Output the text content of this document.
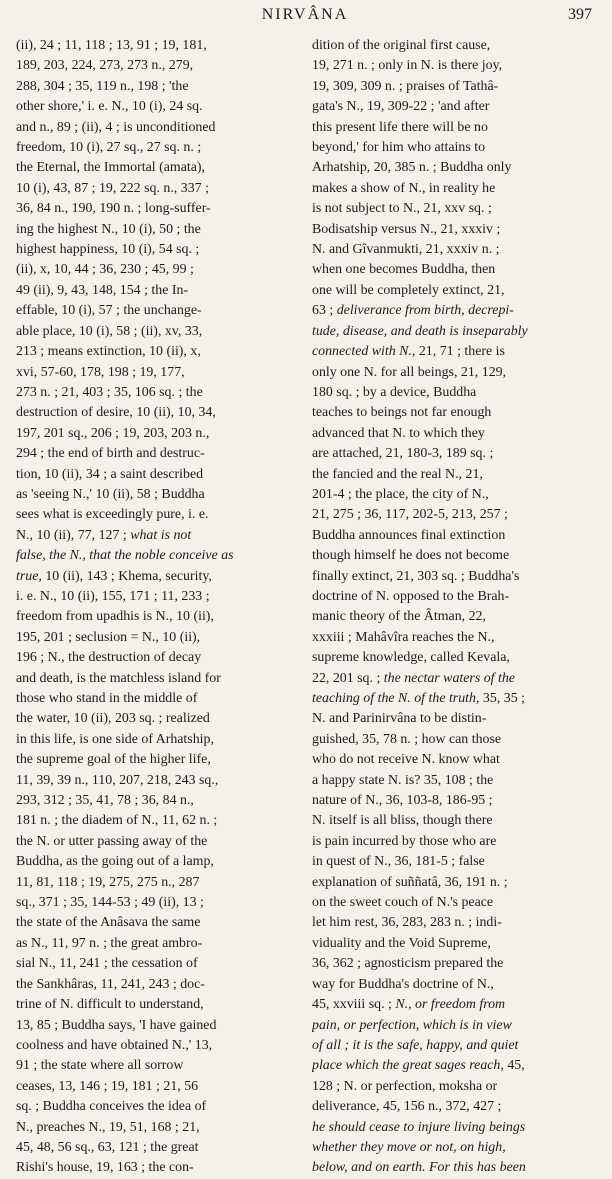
NIRVÂNA	397
(ii), 24 ; 11, 118 ; 13, 91 ; 19, 181,
189, 203, 224, 273, 273 n., 279,
288, 304 ; 35, 119 n., 198 ; 'the
other shore,' i. e. N., 10 (i), 24 sq.
and n., 89 ; (ii), 4 ; is unconditioned
freedom, 10 (i), 27 sq., 27 sq. n. ;
the Eternal, the Immortal (amata),
10 (i), 43, 87 ; 19, 222 sq. n., 337 ;
36, 84 n., 190, 190 n. ; long-suffer-
ing the highest N., 10 (i), 50 ; the
highest happiness, 10 (i), 54 sq. ;
(ii), x, 10, 44 ; 36, 230 ; 45, 99 ;
49 (ii), 9, 43, 148, 154 ; the In-
effable, 10 (i), 57 ; the unchange-
able place, 10 (i), 58 ; (ii), xv, 33,
213 ; means extinction, 10 (ii), x,
xvi, 57-60, 178, 198 ; 19, 177,
273 n. ; 21, 403 ; 35, 106 sq. ; the
destruction of desire, 10 (ii), 10, 34,
197, 201 sq., 206 ; 19, 203, 203 n.,
294 ; the end of birth and destruc-
tion, 10 (ii), 34 ; a saint described
as 'seeing N.,' 10 (ii), 58 ; Buddha
sees what is exceedingly pure, i. e.
N., 10 (ii), 77, 127 ; what is not
false, the N., that the noble conceive as
true, 10 (ii), 143 ; Khema, security,
i. e. N., 10 (ii), 155, 171 ; 11, 233 ;
freedom from upadhis is N., 10 (ii),
195, 201 ; seclusion = N., 10 (ii),
196 ; N., the destruction of decay
and death, is the matchless island for
those who stand in the middle of
the water, 10 (ii), 203 sq. ; realized
in this life, is one side of Arhatship,
the supreme goal of the higher life,
11, 39, 39 n., 110, 207, 218, 243 sq.,
293, 312 ; 35, 41, 78 ; 36, 84 n.,
181 n. ; the diadem of N., 11, 62 n. ;
the N. or utter passing away of the
Buddha, as the going out of a lamp,
11, 81, 118 ; 19, 275, 275 n., 287
sq., 371 ; 35, 144-53 ; 49 (ii), 13 ;
the state of the Anâsava the same
as N., 11, 97 n. ; the great ambro-
sial N., 11, 241 ; the cessation of
the Sankhâras, 11, 241, 243 ; doc-
trine of N. difficult to understand,
13, 85 ; Buddha says, 'I have gained
coolness and have obtained N.,' 13,
91 ; the state where all sorrow
ceases, 13, 146 ; 19, 181 ; 21, 56
sq. ; Buddha conceives the idea of
N., preaches N., 19, 51, 168 ; 21,
45, 48, 56 sq., 63, 121 ; the great
Rishi's house, 19, 163 ; the con-
dition of the original first cause,
19, 271 n. ; only in N. is there joy,
19, 309, 309 n. ; praises of Tathâ-
gata's N., 19, 309-22 ; 'and after
this present life there will be no
beyond,' for him who attains to
Arhatship, 20, 385 n. ; Buddha only
makes a show of N., in reality he
is not subject to N., 21, xxv sq. ;
Bodisatship versus N., 21, xxxiv ;
N. and Gîvanmukti, 21, xxxiv n. ;
when one becomes Buddha, then
one will be completely extinct, 21,
63 ; deliverance from birth, decrepi-
tude, disease, and death is inseparably
connected with N., 21, 71 ; there is
only one N. for all beings, 21, 129,
180 sq. ; by a device, Buddha
teaches to beings not far enough
advanced that N. to which they
are attached, 21, 180-3, 189 sq. ;
the fancied and the real N., 21,
201-4 ; the place, the city of N.,
21, 275 ; 36, 117, 202-5, 213, 257 ;
Buddha announces final extinction
though himself he does not become
finally extinct, 21, 303 sq. ; Buddha's
doctrine of N. opposed to the Brah-
manic theory of the Âtman, 22,
xxxiii ; Mahâvîra reaches the N.,
supreme knowledge, called Kevala,
22, 201 sq. ; the nectar waters of the
teaching of the N. of the truth, 35, 35 ;
N. and Parinirvâna to be distin-
guished, 35, 78 n. ; how can those
who do not receive N. know what
a happy state N. is? 35, 108 ; the
nature of N., 36, 103-8, 186-95 ;
N. itself is all bliss, though there
is pain incurred by those who are
in quest of N., 36, 181-5 ; false
explanation of suññatâ, 36, 191 n. ;
on the sweet couch of N.'s peace
let him rest, 36, 283, 283 n. ; indi-
viduality and the Void Supreme,
36, 362 ; agnosticism prepared the
way for Buddha's doctrine of N.,
45, xxviii sq. ; N., or freedom from
pain, or perfection, which is in view
of all ; it is the safe, happy, and quiet
place which the great sages reach, 45,
128 ; N. or perfection, moksha or
deliverance, 45, 156 n., 372, 427 ;
he should cease to injure living beings
whether they move or not, on high,
below, and on earth. For this has been
